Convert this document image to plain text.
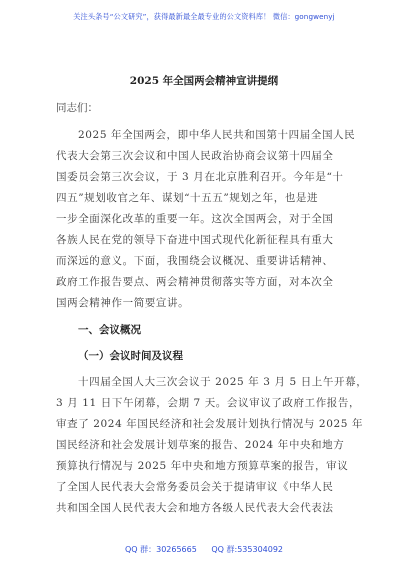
关注头条号“公文研究”，获得最新最全最专业的公文资料库！ 微信：gongwenyj
2025 年全国两会精神宣讲提纲
同志们：
2025 年全国两会，即中华人民共和国第十四届全国人民
代表大会第三次会议和中国人民政治协商会议第十四届全
国委员会第三次会议，于 3 月在北京胜利召开。今年是“十
四五”规划收官之年、谋划“十五五”规划之年，也是进
一步全面深化改革的重要一年。这次全国两会，对于全国
各族人民在党的领导下奋进中国式现代化新征程具有重大
而深远的意义。下面，我围绕会议概况、重要讲话精神、
政府工作报告要点、两会精神贯彻落实等方面，对本次全
国两会精神作一简要宣讲。
一、会议概况
（一）会议时间及议程
十四届全国人大三次会议于 2025 年 3 月 5 日上午开幕，
3 月 11 日下午闭幕，会期 7 天。会议审议了政府工作报告，
审查了 2024 年国民经济和社会发展计划执行情况与 2025 年
国民经济和社会发展计划草案的报告、2024 年中央和地方
预算执行情况与 2025 年中央和地方预算草案的报告，审议
了全国人民代表大会常务委员会关于提请审议《中华人民
共和国全国人民代表大会和地方各级人民代表大会代表法
QQ 群：30265665 QQ 群:535304092
